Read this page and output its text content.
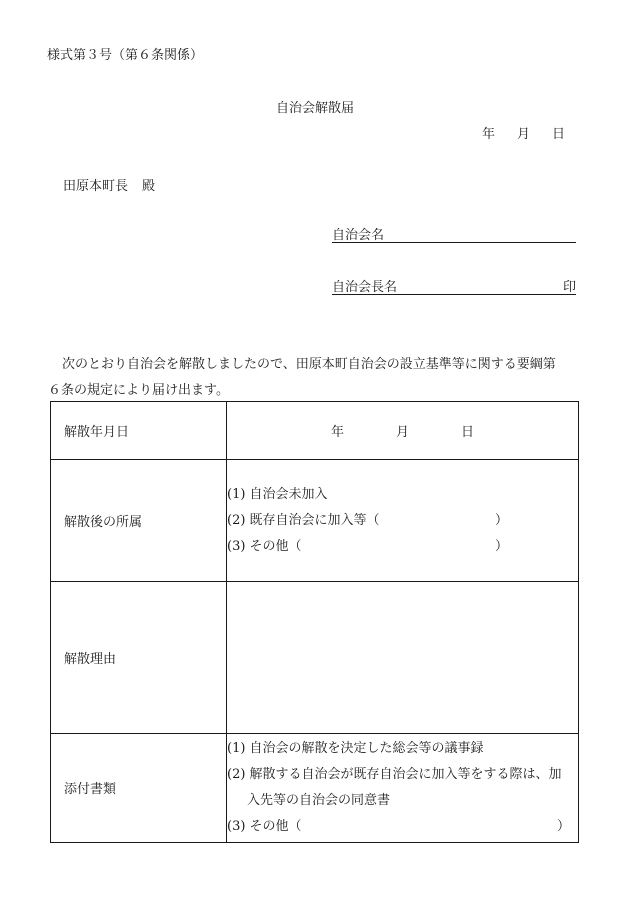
様式第３号（第６条関係）
自治会解散届
年 月 日
田原本町長 殿
自治会名
自治会長名	印
次のとおり自治会を解散しましたので、田原本町自治会の設立基準等に関する要綱第
６条の規定により届け出ます。
解散年月日	年 月 日
解散後の所属	(1) 自治会未加入
(2) 既存自治会に加入等（ ）
(3) その他（ ）

解散理由	
添付書類	(1) 自治会の解散を決定した総会等の議事録
(2) 解散する自治会が既存自治会に加入等をする際は、加
入先等の自治会の同意書
(3) その他（ ）
